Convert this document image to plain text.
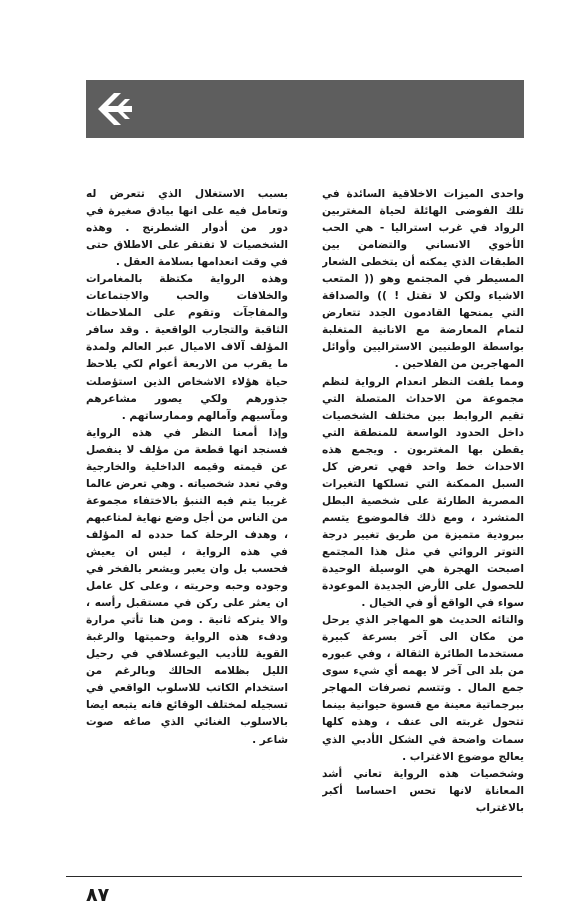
واحدى الميزات الاخلاقية السائدة في تلك الفوضى الهائلة لحياة المغتربين الرواد في غرب استراليا - هي الحب الأخوي الانساني والتضامن بين الطبقات الذي يمكنه أن يتخطى الشعار المسيطر في المجتمع وهو (( المتعب الاشياء ولكن لا تقتل ! )) والصداقة التي يمنحها القادمون الجدد تتعارض لتمام المعارضة مع الانانية المتغلبة بواسطة الوطنيين الاستراليين وأوائل المهاجرين من الفلاحين .

ومما يلفت النظر انعدام الرواية لنظم مجموعة من الاحداث المتصلة التي تقيم الروابط بين مختلف الشخصيات داخل الحدود الواسعة للمنطقة التي يقطن بها المغتربون . ويجمع هذه الاحداث خط واحد فهي تعرض كل السبل الممكنة التي تسلكها التغيرات المصرية الطارئة على شخصية البطل المتشرد ، ومع ذلك فالموضوع يتسم ببرودية متميزة من طريق تغيير درجة التوتر الروائي في مثل هذا المجتمع اصبحت الهجرة هي الوسيلة الوحيدة للحصول على الأرض الجديدة الموعودة سواء في الواقع أو في الخيال .

والتائه الحديث هو المهاجر الذي يرحل من مكان الى آخر بسرعة كبيرة مستخدما الطائرة الثقالة ، وفي عبوره من بلد الى آخر لا يهمه أي شيء سوى جمع المال . وتتسم تصرفات المهاجر ببرجماتية معينة مع قسوة حيوانية بينما تتحول غربته الى عنف ، وهذه كلها سمات واضحة في الشكل الأدبي الذي يعالج موضوع الاغتراب .

وشخصيات هذه الرواية تعاني أشد المعاناة لانها تحس احساسا أكبر بالاغتراب

بسبب الاستغلال الذي تتعرض له وتعامل فيه على انها بيادق صغيرة في دور من أدوار الشطرنج . وهذه الشخصيات لا تفتقر على الاطلاق حتى في وقت انعدامها بسلامة العقل .

وهذه الرواية مكتظة بالمغامرات والخلافات والحب والاجتماعات والمفاجآت وتقوم على الملاحظات الثاقبة والتجارب الواقعية . وقد سافر المؤلف آلاف الاميال عبر العالم ولمدة ما يقرب من الاربعة أعوام لكي يلاحظ حياة هؤلاء الاشخاص الذين استؤصلت جذورهم ولكي يصور مشاعرهم ومآسيهم وآمالهم وممارساتهم .

وإذا أمعنا النظر في هذه الرواية فسنجد انها قطعة من مؤلف لا ينفصل عن قيمته وقيمه الداخلية والخارجية وفي تعدد شخصياته . وهي تعرض عالما غريبا يتم فيه التنبؤ بالاختفاء مجموعة من الناس من أجل وضع نهاية لمتاعبهم ، وهدف الرحلة كما حدده له المؤلف في هذه الرواية ، ليس ان يعيش فحسب بل وان يعبر ويشعر بالفخر في وجوده وحبه وحريته ، وعلى كل عامل ان يعثر على ركن في مستقبل رأسه ، والا يتركه ثانية . ومن هنا تأتي مرارة ودفء هذه الرواية وحميتها والرغبة القوية للأديب اليوغسلافي في رحيل الليل بظلامه الحالك وبالرغم من استخدام الكاتب للاسلوب الواقعي في تسجيله لمختلف الوقائع فانه يتبعه ايضا بالاسلوب الغنائي الذي صاغه صوت شاعر .

٨٧
